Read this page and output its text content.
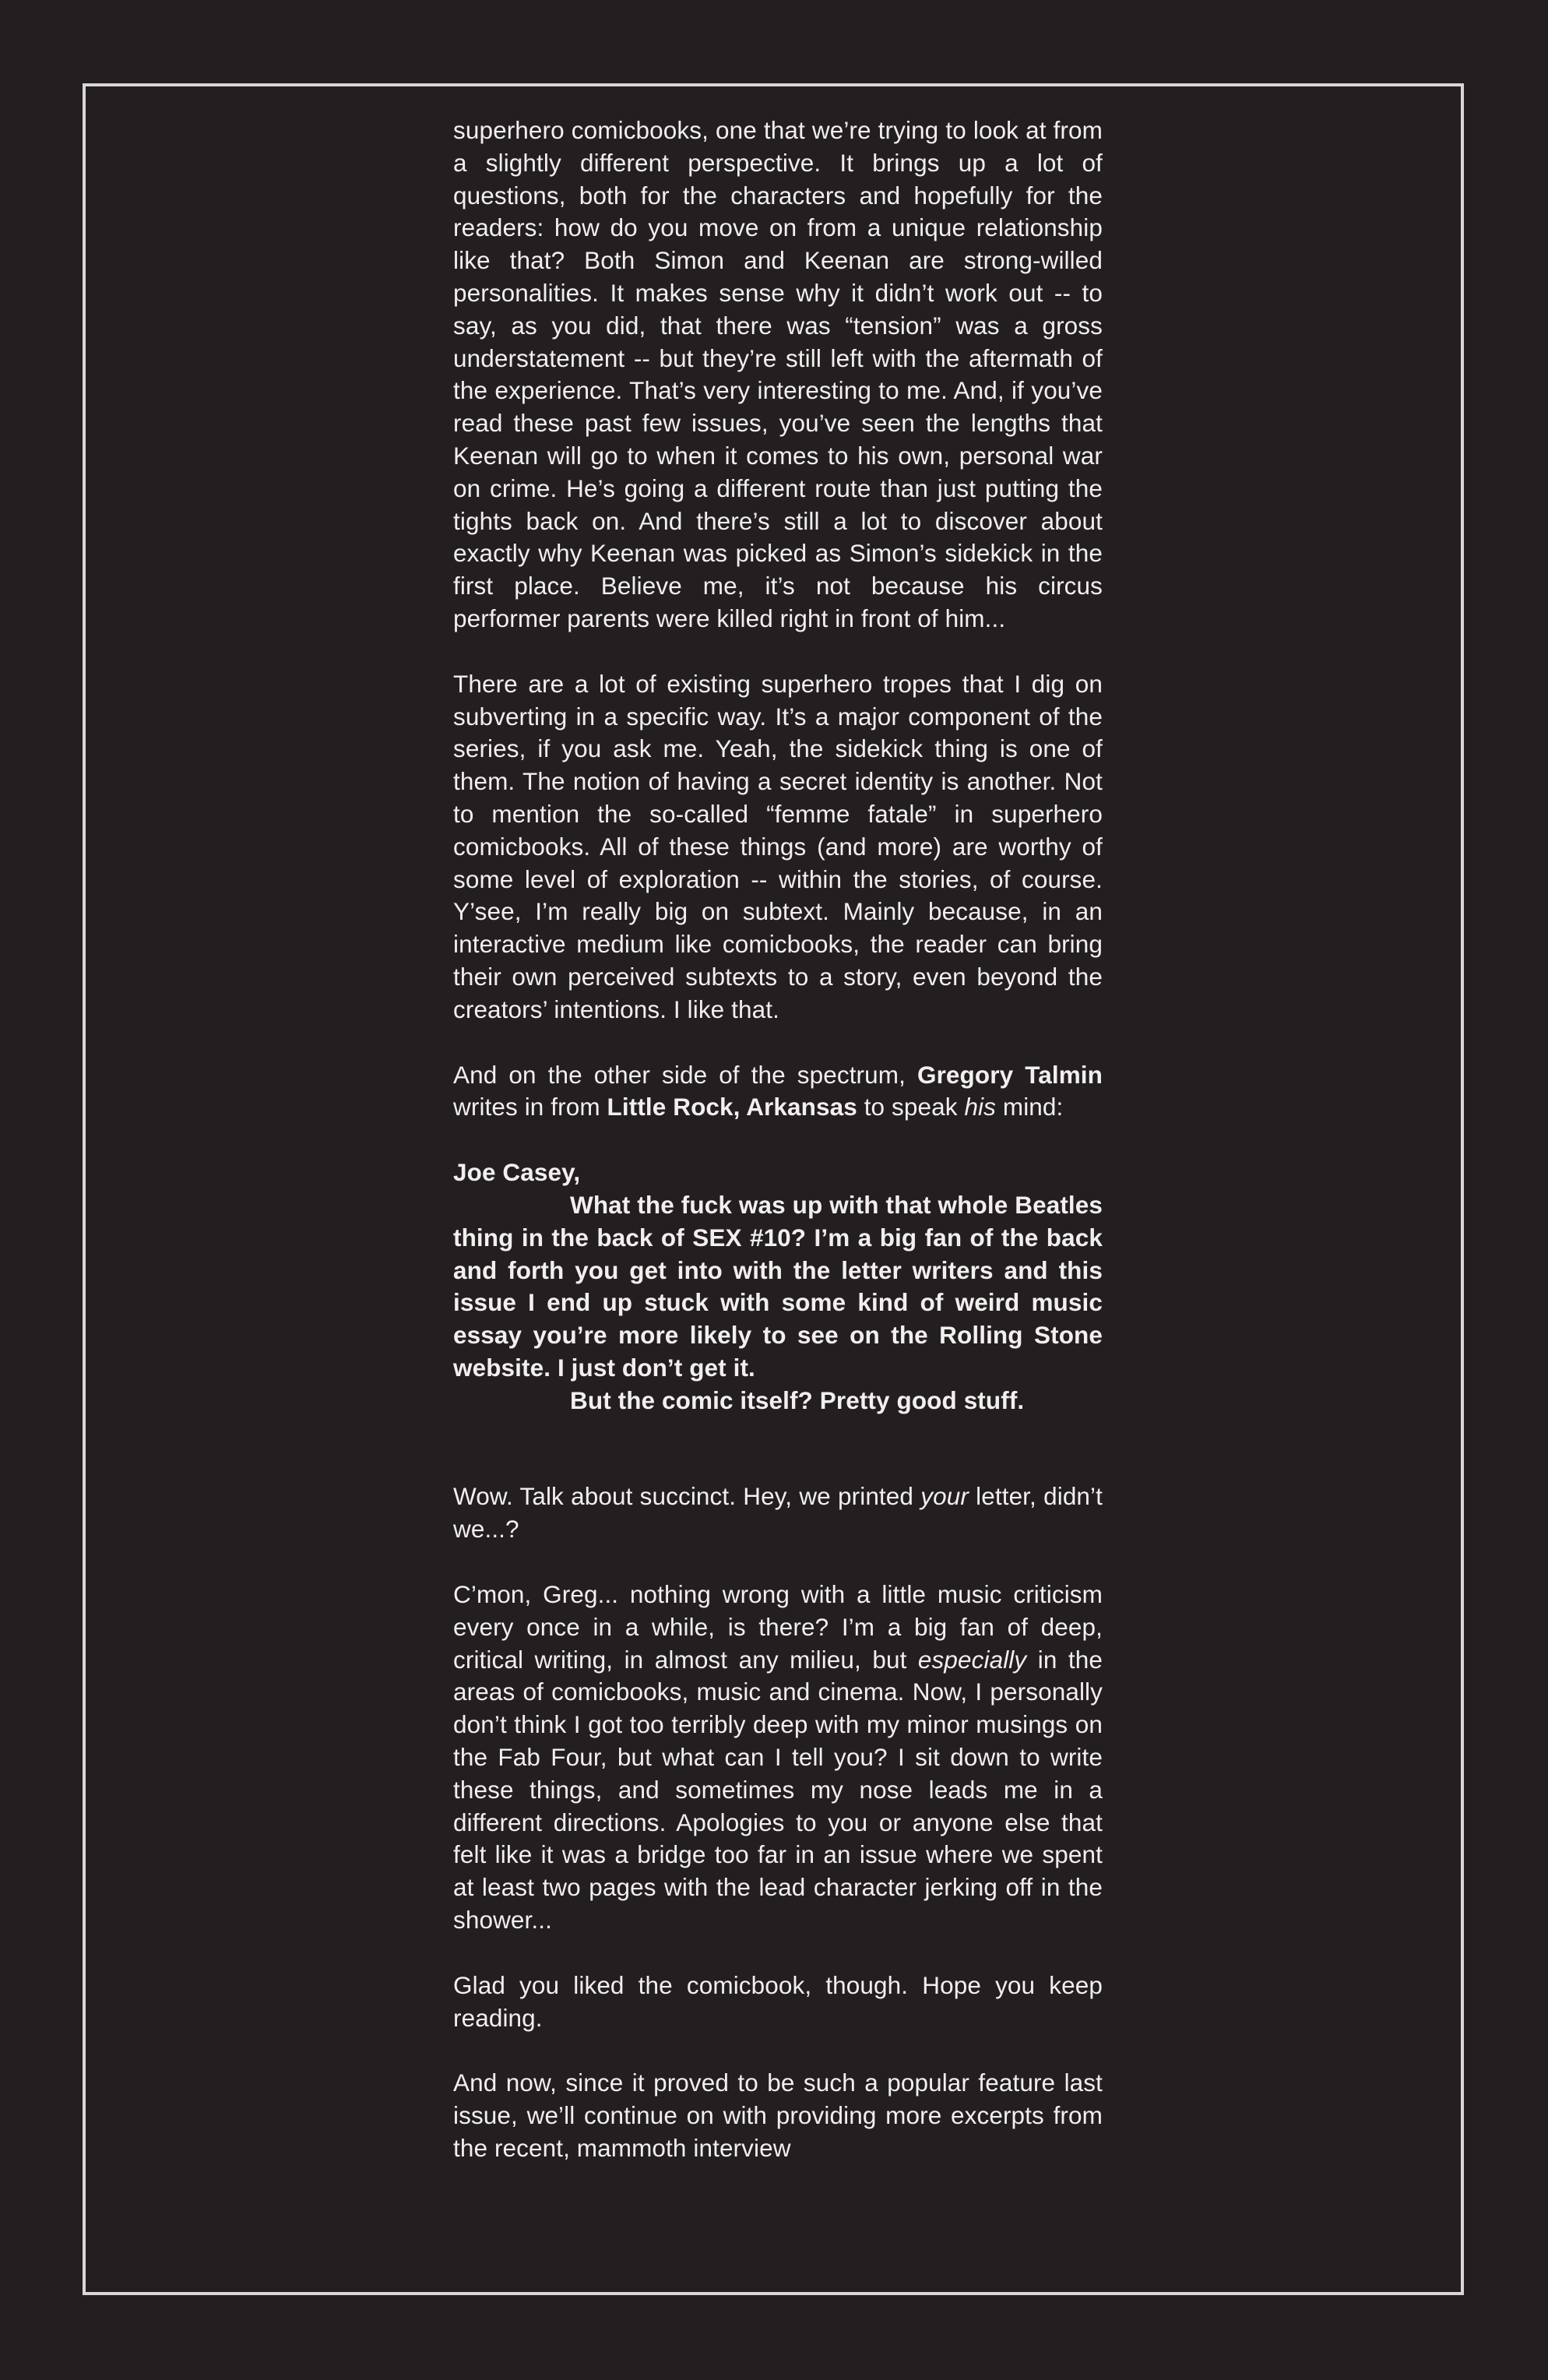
superhero comicbooks, one that we’re trying to look at from a slightly different perspective. It brings up a lot of questions, both for the characters and hopefully for the readers: how do you move on from a unique relationship like that? Both Simon and Keenan are strong-willed personalities. It makes sense why it didn’t work out -- to say, as you did, that there was “tension” was a gross understatement -- but they’re still left with the aftermath of the experience. That’s very interesting to me. And, if you’ve read these past few issues, you’ve seen the lengths that Keenan will go to when it comes to his own, personal war on crime. He’s going a different route than just putting the tights back on. And there’s still a lot to discover about exactly why Keenan was picked as Simon’s sidekick in the first place. Believe me, it’s not because his circus performer parents were killed right in front of him...

There are a lot of existing superhero tropes that I dig on subverting in a specific way. It’s a major component of the series, if you ask me. Yeah, the sidekick thing is one of them. The notion of having a secret identity is another. Not to mention the so-called “femme fatale” in superhero comicbooks. All of these things (and more) are worthy of some level of exploration -- within the stories, of course. Y’see, I’m really big on subtext. Mainly because, in an interactive medium like comicbooks, the reader can bring their own perceived subtexts to a story, even beyond the creators’ intentions. I like that.

And on the other side of the spectrum, Gregory Talmin writes in from Little Rock, Arkansas to speak his mind:

Joe Casey,
What the fuck was up with that whole Beatles thing in the back of SEX #10? I’m a big fan of the back and forth you get into with the letter writers and this issue I end up stuck with some kind of weird music essay you’re more likely to see on the Rolling Stone website. I just don’t get it.
But the comic itself? Pretty good stuff.

Wow. Talk about succinct. Hey, we printed your letter, didn’t we...?

C’mon, Greg... nothing wrong with a little music criticism every once in a while, is there? I’m a big fan of deep, critical writing, in almost any milieu, but especially in the areas of comicbooks, music and cinema. Now, I personally don’t think I got too terribly deep with my minor musings on the Fab Four, but what can I tell you? I sit down to write these things, and sometimes my nose leads me in a different directions. Apologies to you or anyone else that felt like it was a bridge too far in an issue where we spent at least two pages with the lead character jerking off in the shower...

Glad you liked the comicbook, though. Hope you keep reading.

And now, since it proved to be such a popular feature last issue, we’ll continue on with providing more excerpts from the recent, mammoth interview
